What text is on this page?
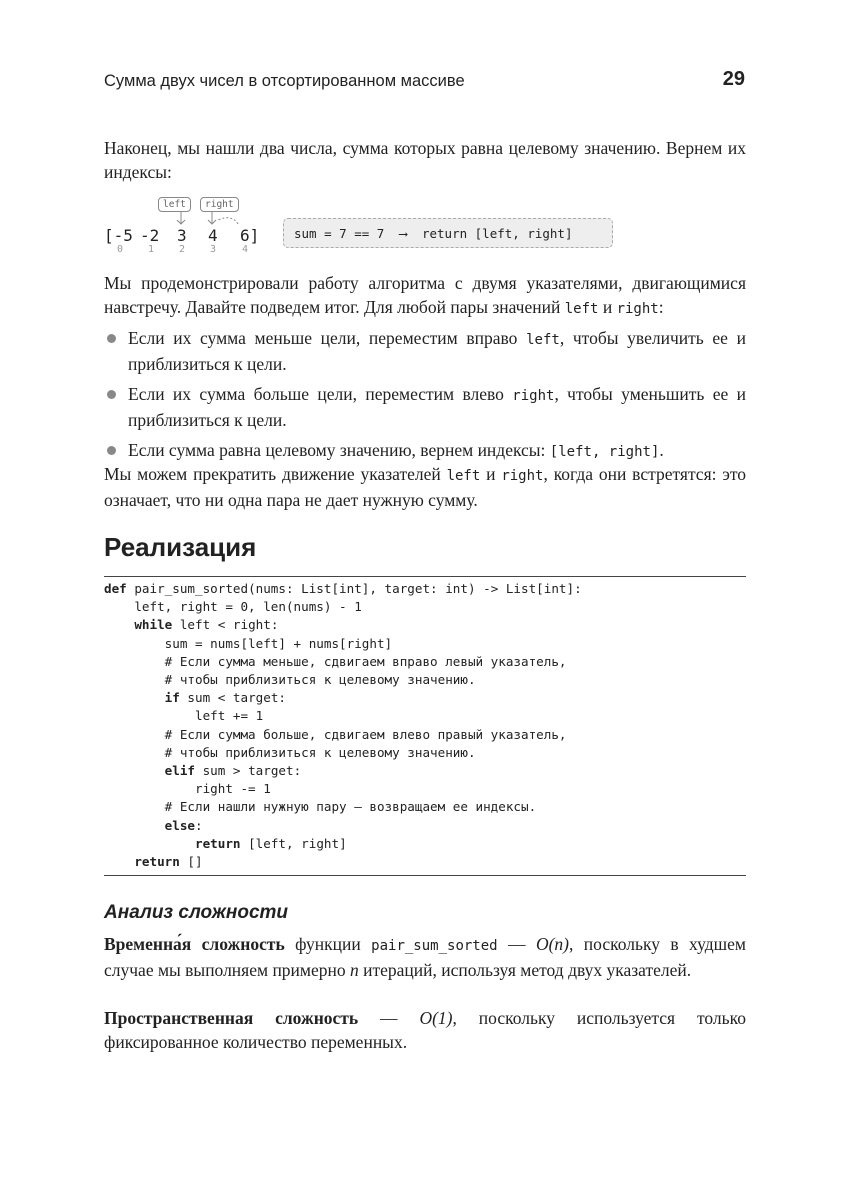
Сумма двух чисел в отсортированном массиве	29
Наконец, мы нашли два числа, сумма которых равна целевому значению. Вернем их индексы:
left	right
[-5 -2 3 4 6]
0 1 2 3	4
sum = 7 == 7 ⟶ return [left, right]
Мы продемонстрировали работу алгоритма с двумя указателями, двигающимися навстречу. Давайте подведем итог. Для любой пары значений left и right:
Если их сумма меньше цели, переместим вправо left, чтобы увеличить ее и приблизиться к цели.
Если их сумма больше цели, переместим влево right, чтобы уменьшить ее и приблизиться к цели.
Если сумма равна целевому значению, вернем индексы: [left, right].
Мы можем прекратить движение указателей left и right, когда они встретятся: это означает, что ни одна пара не дает нужную сумму.
Реализация
def pair_sum_sorted(nums: List[int], target: int) -> List[int]:
left, right = 0, len(nums) - 1
while left < right:
sum = nums[left] + nums[right]
# Если сумма меньше, сдвигаем вправо левый указатель,
# чтобы приблизиться к целевому значению.
if sum < target:
left += 1
# Если сумма больше, сдвигаем влево правый указатель,
# чтобы приблизиться к целевому значению.
elif sum > target:
right -= 1
# Если нашли нужную пару — возвращаем ее индексы.
else:
return [left, right]
return []
Анализ сложности
Временна́я сложность функции pair_sum_sorted — O(n), поскольку в худшем случае мы выполняем примерно n итераций, используя метод двух указателей.
Пространственная сложность — O(1), поскольку используется только фиксированное количество переменных.
